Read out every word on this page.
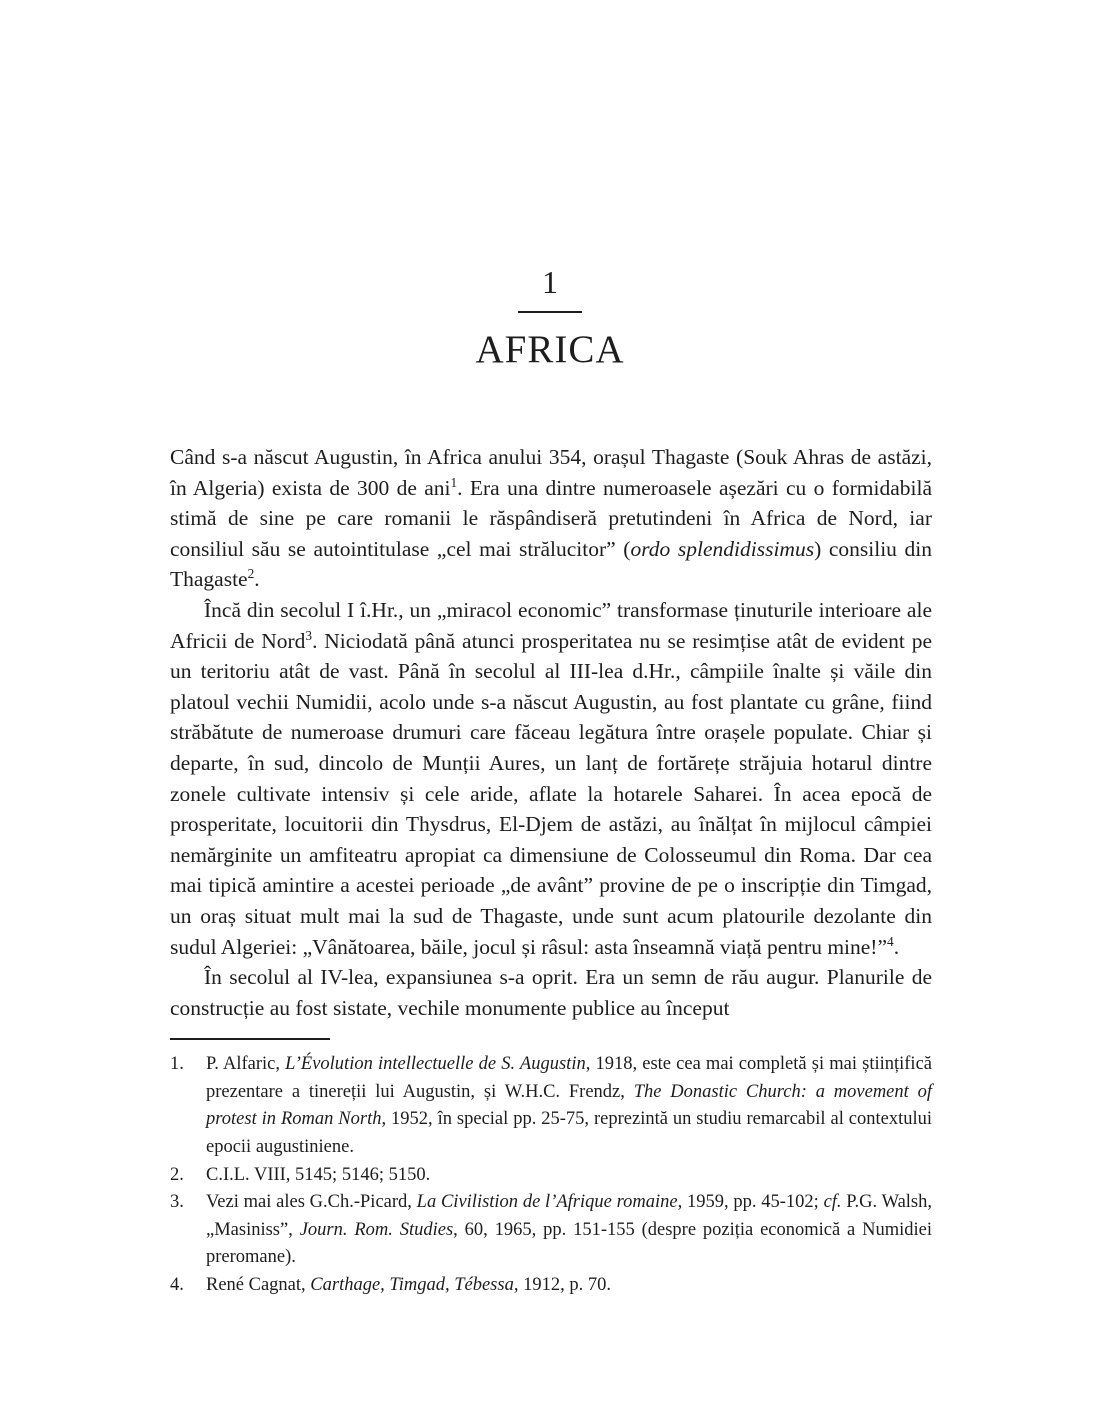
1
AFRICA

Când s-a născut Augustin, în Africa anului 354, orașul Thagaste (Souk Ahras de astăzi, în Algeria) exista de 300 de ani$^1$. Era una dintre numeroasele așezări cu o formidabilă stimă de sine pe care romanii le răspândiseră pretutindeni în Africa de Nord, iar consiliul său se autointitulase „cel mai strălucitor” (ordo splendidissimus) consiliu din Thagaste$^2$.

Încă din secolul I î.Hr., un „miracol economic” transformase ținuturile interioare ale Africii de Nord$^3$. Niciodată până atunci prosperitatea nu se resimțise atât de evident pe un teritoriu atât de vast. Până în secolul al III-lea d.Hr., câmpiile înalte și văile din platoul vechii Numidii, acolo unde s-a născut Augustin, au fost plantate cu grâne, fiind străbătute de numeroase drumuri care făceau legătura între orașele populate. Chiar și departe, în sud, dincolo de Munții Aures, un lanț de fortărețe străjuia hotarul dintre zonele cultivate intensiv și cele aride, aflate la hotarele Saharei. În acea epocă de prosperitate, locuitorii din Thysdrus, El-Djem de astăzi, au înălțat în mijlocul câmpiei nemărginite un amfiteatru apropiat ca dimensiune de Colosseumul din Roma. Dar cea mai tipică amintire a acestei perioade „de avânt” provine de pe o inscripție din Timgad, un oraș situat mult mai la sud de Thagaste, unde sunt acum platourile dezolante din sudul Algeriei: „Vânătoarea, băile, jocul și râsul: asta înseamnă viață pentru mine!”$^4$.

În secolul al IV-lea, expansiunea s-a oprit. Era un semn de rău augur. Planurile de construcție au fost sistate, vechile monumente publice au început

1.	P. Alfaric, L’Évolution intellectuelle de S. Augustin, 1918, este cea mai completă și mai științifică prezentare a tinereții lui Augustin, și W.H.C. Frendz, The Donastic Church: a movement of protest in Roman North, 1952, în special pp. 25-75, reprezintă un studiu remarcabil al contextului epocii augustiniene.
2.	C.I.L. VIII, 5145; 5146; 5150.
3.	Vezi mai ales G.Ch.-Picard, La Civilistion de l’Afrique romaine, 1959, pp. 45-102; cf. P.G. Walsh, „Masiniss”, Journ. Rom. Studies, 60, 1965, pp. 151-155 (despre poziția economică a Numidiei preromane).
4.	René Cagnat, Carthage, Timgad, Tébessa, 1912, p. 70.
